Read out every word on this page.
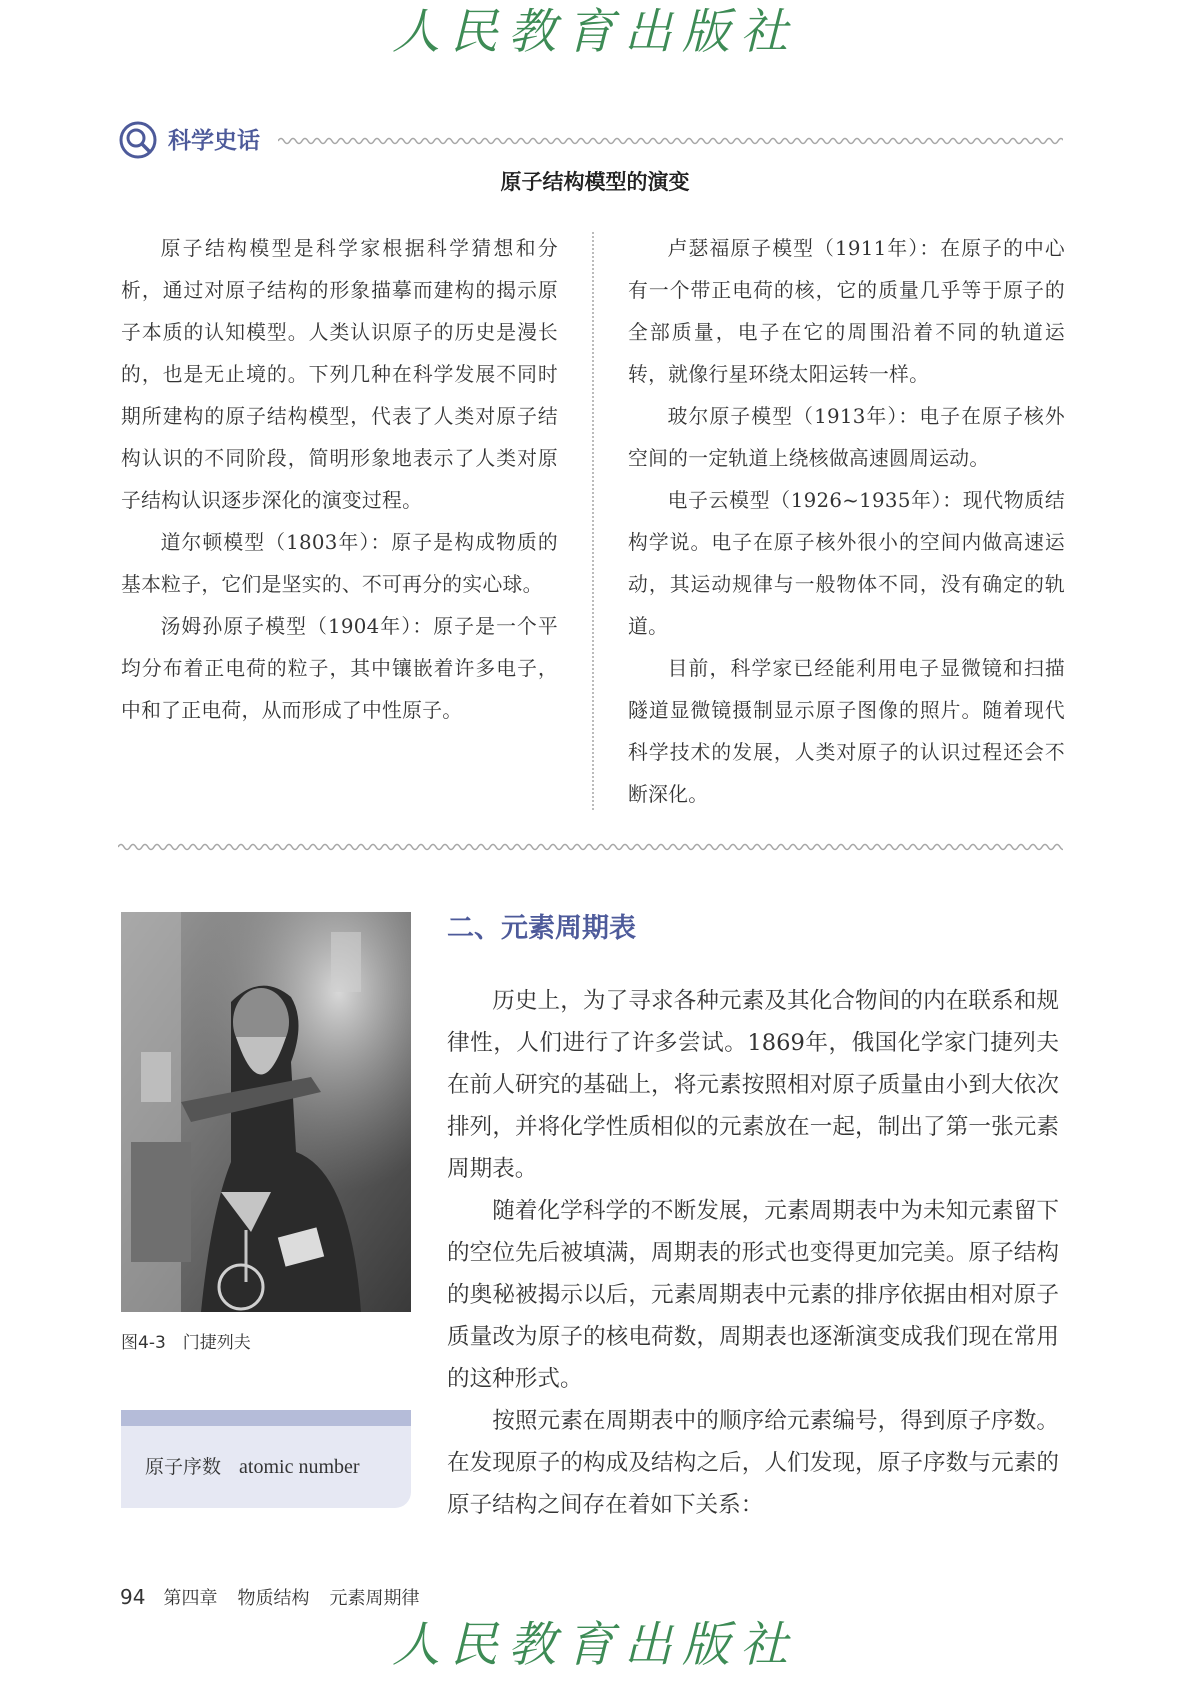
人民教育出版社
科学史话
原子结构模型的演变

原子结构模型是科学家根据科学猜想和分析，通过对原子结构的形象描摹而建构的揭示原子本质的认知模型。人类认识原子的历史是漫长的，也是无止境的。下列几种在科学发展不同时期所建构的原子结构模型，代表了人类对原子结构认识的不同阶段，简明形象地表示了人类对原子结构认识逐步深化的演变过程。

道尔顿模型（1803年）：原子是构成物质的基本粒子，它们是坚实的、不可再分的实心球。

汤姆孙原子模型（1904年）：原子是一个平均分布着正电荷的粒子，其中镶嵌着许多电子，中和了正电荷，从而形成了中性原子。

卢瑟福原子模型（1911年）：在原子的中心有一个带正电荷的核，它的质量几乎等于原子的全部质量，电子在它的周围沿着不同的轨道运转，就像行星环绕太阳运转一样。

玻尔原子模型（1913年）：电子在原子核外空间的一定轨道上绕核做高速圆周运动。

电子云模型（1926~1935年）：现代物质结构学说。电子在原子核外很小的空间内做高速运动，其运动规律与一般物体不同，没有确定的轨道。

目前，科学家已经能利用电子显微镜和扫描隧道显微镜摄制显示原子图像的照片。随着现代科学技术的发展，人类对原子的认识过程还会不断深化。

图4-3　门捷列夫
原子序数 atomic number
二、元素周期表

历史上，为了寻求各种元素及其化合物间的内在联系和规律性，人们进行了许多尝试。1869年，俄国化学家门捷列夫在前人研究的基础上，将元素按照相对原子质量由小到大依次排列，并将化学性质相似的元素放在一起，制出了第一张元素周期表。

随着化学科学的不断发展，元素周期表中为未知元素留下的空位先后被填满，周期表的形式也变得更加完美。原子结构的奥秘被揭示以后，元素周期表中元素的排序依据由相对原子质量改为原子的核电荷数，周期表也逐渐演变成我们现在常用的这种形式。

按照元素在周期表中的顺序给元素编号，得到原子序数。在发现原子的构成及结构之后，人们发现，原子序数与元素的原子结构之间存在着如下关系：

94 第四章 物质结构 元素周期律
人民教育出版社
